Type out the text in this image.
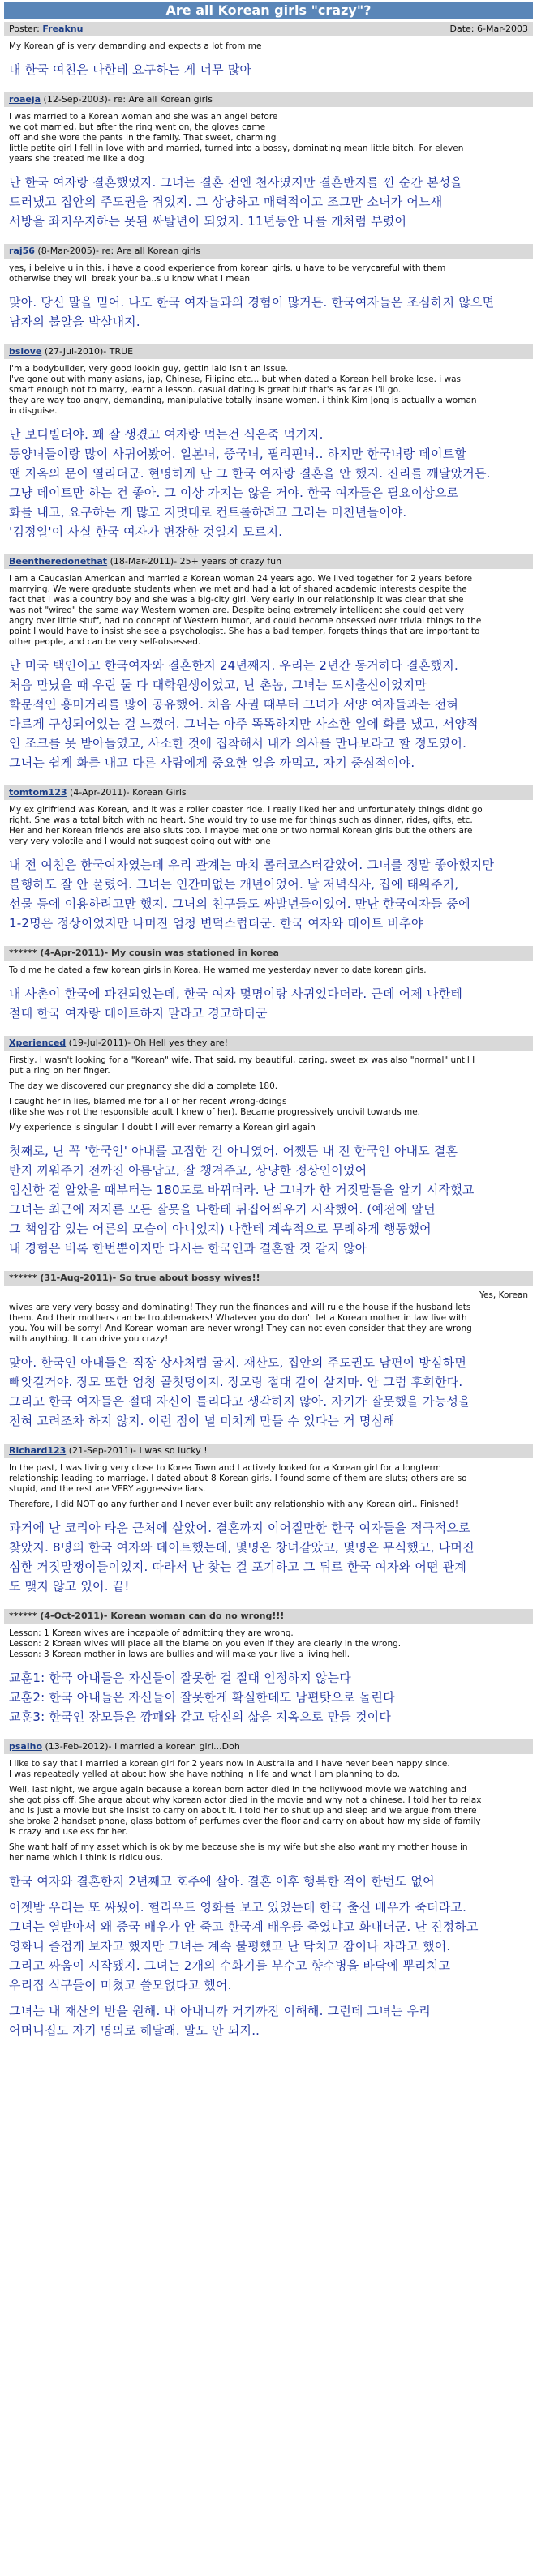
Are all Korean girls "crazy"?
Poster: Freaknu	Date: 6-Mar-2003

My Korean gf is very demanding and expects a lot from me

내 한국 여친은 나한테 요구하는 게 너무 많아

roaeja (12-Sep-2003)- re: Are all Korean girls

I was married to a Korean woman and she was an angel before
we got married, but after the ring went on, the gloves came
off and she wore the pants in the family. That sweet, charming
little petite girl I fell in love with and married, turned into a bossy, dominating mean little bitch. For eleven
years she treated me like a dog

난 한국 여자랑 결혼했었지. 그녀는 결혼 전엔 천사였지만 결혼반지를 낀 순간 본성을

드러냈고 집안의 주도권을 쥐었지. 그 상냥하고 매력적이고 조그만 소녀가 어느새

서방을 좌지우지하는 못된 싸발년이 되었지. 11년동안 나를 개처럼 부렸어

raj56 (8-Mar-2005)- re: Are all Korean girls

yes, i beleive u in this. i have a good experience from korean girls. u have to be verycareful with them
otherwise they will break your ba..s u know what i mean

맞아. 당신 말을 믿어. 나도 한국 여자들과의 경험이 많거든. 한국여자들은 조심하지 않으면

남자의 불알을 박살내지.

bslove (27-Jul-2010)- TRUE

I'm a bodybuilder, very good lookin guy, gettin laid isn't an issue.
I've gone out with many asians, jap, Chinese, Filipino etc... but when dated a Korean hell broke lose. i was
smart enough not to marry, learnt a lesson. casual dating is great but that's as far as I'll go.
they are way too angry, demanding, manipulative totally insane women. i think Kim Jong is actually a woman
in disguise.

난 보디빌더야. 꽤 잘 생겼고 여자랑 먹는건 식은죽 먹기지.

동양녀들이랑 많이 사귀어봤어. 일본녀, 중국녀, 필리핀녀.. 하지만 한국녀랑 데이트할

땐 지옥의 문이 열리더군. 현명하게 난 그 한국 여자랑 결혼을 안 했지. 진리를 깨달았거든.

그냥 데이트만 하는 건 좋아. 그 이상 가지는 않을 거야. 한국 여자들은 필요이상으로

화를 내고, 요구하는 게 많고 지멋대로 컨트롤하려고 그러는 미친년들이야.

'김정일'이 사실 한국 여자가 변장한 것일지 모르지.

Beentheredonethat (18-Mar-2011)- 25+ years of crazy fun

I am a Caucasian American and married a Korean woman 24 years ago. We lived together for 2 years before
marrying. We were graduate students when we met and had a lot of shared academic interests despite the
fact that I was a country boy and she was a big-city girl. Very early in our relationship it was clear that she
was not "wired" the same way Western women are. Despite being extremely intelligent she could get very
angry over little stuff, had no concept of Western humor, and could become obsessed over trivial things to the
point I would have to insist she see a psychologist. She has a bad temper, forgets things that are important to
other people, and can be very self-obsessed.

난 미국 백인이고 한국여자와 결혼한지 24년째지. 우리는 2년간 동거하다 결혼했지.

처음 만났을 때 우린 둘 다 대학원생이었고, 난 촌놈, 그녀는 도시출신이었지만

학문적인 흥미거리를 많이 공유했어. 처음 사귈 때부터 그녀가 서양 여자들과는 전혀

다르게 구성되어있는 걸 느꼈어. 그녀는 아주 똑똑하지만 사소한 일에 화를 냈고, 서양적

인 조크를 못 받아들였고, 사소한 것에 집착해서 내가 의사를 만나보라고 할 정도였어.

그녀는 쉽게 화를 내고 다른 사람에게 중요한 일을 까먹고, 자기 중심적이야.

tomtom123 (4-Apr-2011)- Korean Girls

My ex girlfriend was Korean, and it was a roller coaster ride. I really liked her and unfortunately things didnt go
right. She was a total bitch with no heart. She would try to use me for things such as dinner, rides, gifts, etc.
Her and her Korean friends are also sluts too. I maybe met one or two normal Korean girls but the others are
very very volotile and I would not suggest going out with one

내 전 여친은 한국여자였는데 우리 관계는 마치 롤러코스터같았어. 그녀를 정말 좋아했지만

불행하도 잘 안 풀렸어. 그녀는 인간미없는 개년이었어. 날 저녁식사, 집에 태워주기,

선물 등에 이용하려고만 했지. 그녀의 친구들도 싸발년들이었어. 만난 한국여자들 중에

1-2명은 정상이었지만 나머진 엄청 변덕스럽더군. 한국 여자와 데이트 비추야

****** (4-Apr-2011)- My cousin was stationed in korea

Told me he dated a few korean girls in Korea. He warned me yesterday never to date korean girls.

내 사촌이 한국에 파견되었는데, 한국 여자 몇명이랑 사귀었다더라. 근데 어제 나한테

절대 한국 여자랑 데이트하지 말라고 경고하더군

Xperienced (19-Jul-2011)- Oh Hell yes they are!

Firstly, I wasn't looking for a "Korean" wife. That said, my beautiful, caring, sweet ex was also "normal" until I
put a ring on her finger.

The day we discovered our pregnancy she did a complete 180.

I caught her in lies, blamed me for all of her recent wrong-doings
(like she was not the responsible adult I knew of her). Became progressively uncivil towards me.

My experience is singular. I doubt I will ever remarry a Korean girl again

첫째로, 난 꼭 '한국인' 아내를 고집한 건 아니였어. 어쨌든 내 전 한국인 아내도 결혼

반지 끼워주기 전까진 아름답고, 잘 챙겨주고, 상냥한 정상인이었어

임신한 걸 알았을 때부터는 180도로 바뀌더라. 난 그녀가 한 거짓말들을 알기 시작했고

그녀는 최근에 저지른 모든 잘못을 나한테 뒤집어씌우기 시작했어. (예전에 알던

그 책임감 있는 어른의 모습이 아니었지) 나한테 계속적으로 무례하게 행동했어

내 경험은 비록 한번뿐이지만 다시는 한국인과 결혼할 것 같지 않아

****** (31-Aug-2011)- So true about bossy wives!!

Yes, Korean

wives are very very bossy and dominating! They run the finances and will rule the house if the husband lets
them. And their mothers can be troublemakers! Whatever you do don't let a Korean mother in law live with
you. You will be sorry! And Korean woman are never wrong! They can not even consider that they are wrong
with anything. It can drive you crazy!

맞아. 한국인 아내들은 직장 상사처럼 굴지. 재산도, 집안의 주도권도 남편이 방심하면

빼앗길거야. 장모 또한 엄청 골칫덩이지. 장모랑 절대 같이 살지마. 안 그럼 후회한다.

그리고 한국 여자들은 절대 자신이 틀리다고 생각하지 않아. 자기가 잘못했을 가능성을

전혀 고려조차 하지 않지. 이런 점이 널 미치게 만들 수 있다는 거 명심해

Richard123 (21-Sep-2011)- I was so lucky !

In the past, I was living very close to Korea Town and I actively looked for a Korean girl for a longterm
relationship leading to marriage. I dated about 8 Korean girls. I found some of them are sluts; others are so
stupid, and the rest are VERY aggressive liars.

Therefore, I did NOT go any further and I never ever built any relationship with any Korean girl.. Finished!

과거에 난 코리아 타운 근처에 살았어. 결혼까지 이어질만한 한국 여자들을 적극적으로

찾았지. 8명의 한국 여자와 데이트했는데, 몇명은 창녀같았고, 몇명은 무식했고, 나머진

심한 거짓말쟁이들이었지. 따라서 난 찾는 걸 포기하고 그 뒤로 한국 여자와 어떤 관계

도 맺지 않고 있어. 끝!

****** (4-Oct-2011)- Korean woman can do no wrong!!!

Lesson: 1 Korean wives are incapable of admitting they are wrong.
Lesson: 2 Korean wives will place all the blame on you even if they are clearly in the wrong.
Lesson: 3 Korean mother in laws are bullies and will make your live a living hell.

교훈1: 한국 아내들은 자신들이 잘못한 걸 절대 인정하지 않는다

교훈2: 한국 아내들은 자신들이 잘못한게 확실한데도 남편탓으로 돌린다

교훈3: 한국인 장모들은 깡패와 같고 당신의 삶을 지옥으로 만들 것이다

psaiho (13-Feb-2012)- I married a korean girl...Doh

I like to say that I married a korean girl for 2 years now in Australia and I have never been happy since.
I was repeatedly yelled at about how she have nothing in life and what I am planning to do.

Well, last night, we argue again because a korean born actor died in the hollywood movie we watching and
she got piss off. She argue about why korean actor died in the movie and why not a chinese. I told her to relax
and is just a movie but she insist to carry on about it. I told her to shut up and sleep and we argue from there
she broke 2 handset phone, glass bottom of perfumes over the floor and carry on about how my side of family
is crazy and useless for her.

She want half of my asset which is ok by me because she is my wife but she also want my mother house in
her name which I think is ridiculous.

한국 여자와 결혼한지 2년째고 호주에 살아. 결혼 이후 행복한 적이 한번도 없어

어젯밤 우리는 또 싸웠어. 헐리우드 영화를 보고 있었는데 한국 출신 배우가 죽더라고.

그녀는 열받아서 왜 중국 배우가 안 죽고 한국계 배우를 죽였냐고 화내더군. 난 진정하고

영화니 즐겁게 보자고 했지만 그녀는 계속 불평했고 난 닥치고 잠이나 자라고 했어.

그리고 싸움이 시작됐지. 그녀는 2개의 수화기를 부수고 향수병을 바닥에 뿌리치고

우리집 식구들이 미쳤고 쓸모없다고 했어.

그녀는 내 재산의 반을 원해. 내 아내니까 거기까진 이해해. 그런데 그녀는 우리

어머니집도 자기 명의로 해달래. 말도 안 되지..
